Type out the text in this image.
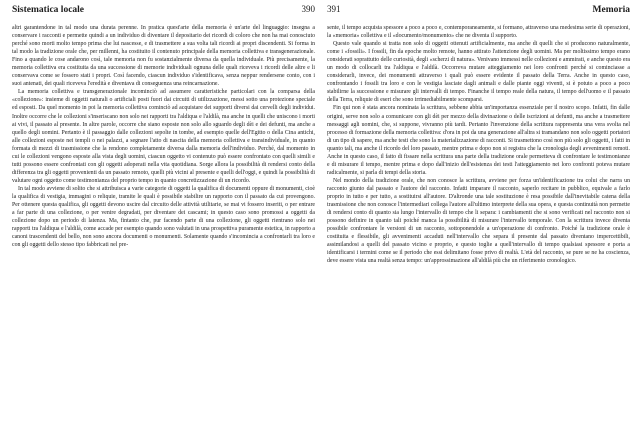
Sistematica locale	390

altri garantendone in tal modo una durata perenne. In pratica quest'arte della memoria è un'arte del linguaggio: insegna a conservare i racconti e permette quindi a un individuo di diventare il depositario dei ricordi di coloro che non ha mai conosciuto perché sono morti molto tempo prima che lui nascesse, e di trasmettere a sua volta tali ricordi ai propri discendenti. Si forma in tal modo la tradizione orale che, per millenni, ha costituito il contenuto principale della memoria collettiva e transgenerazionale. Fino a quando le cose andarono così, tale memoria non fu sostanzialmente diversa da quella individuale. Più precisamente, la memoria collettiva era costituita da una successione di memorie individuali ognuna delle quali riceveva i ricordi delle altre e li conservava come se fossero stati i propri. Così facendo, ciascun individuo s'identificava, senza neppur rendersene conto, con i suoi antenati, dei quali riceveva l'eredità e diventava di conseguenza una reincarnazione.

La memoria collettiva e transgenerazionale incominciò ad assumere caratteristiche particolari con la comparsa della «collezione»: insieme di oggetti naturali o artificiali posti fuori dai circuiti di utilizzazione, messi sotto una protezione speciale ed esposti. Da quel momento in poi la memoria collettiva cominciò ad acquistare dei supporti diversi dai cervelli degli individui. Inoltre occorre che le collezioni s'inseriscano non solo nei rapporti tra l'aldiqua e l'aldilà, ma anche in quelli che uniscono i morti ai vivi, il passato al presente. In altre parole, occorre che siano esposte non solo allo sguardo degli dèi e dei defunti, ma anche a quello degli uomini. Pertanto è il passaggio dalle collezioni sepolte in tombe, ad esempio quelle dell'Egitto o della Cina antichi, alle collezioni esposte nei templi o nei palazzi, a segnare l'atto di nascita della memoria collettiva e transindividuale, in quanto formata di mezzi di trasmissione che la rendono completamente diversa dalla memoria dell'individuo. Perché, dal momento in cui le collezioni vengono esposte alla vista degli uomini, ciascun oggetto vi contenuto può essere confrontato con quelli simili e tutti possono essere confrontati con gli oggetti adoperati nella vita quotidiana. Sorge allora la possibilità di rendersi conto della differenza tra gli oggetti provenienti da un passato remoto, quelli più vicini al presente e quelli dell'oggi, e quindi la possibilità di valutare ogni oggetto come testimonianza del proprio tempo in quanto concretizzazione di un ricordo.

In tal modo avviene di solito che si attribuisca a varie categorie di oggetti la qualifica di documenti oppure di monumenti, cioè la qualifica di vestigia, immagini o reliquie, tramite le quali è possibile stabilire un rapporto con il passato da cui provengono. Per ottenere questa qualifica, gli oggetti devono uscire dal circuito delle attività utilitarie, se mai vi fossero inseriti, o per entrare a far parte di una collezione, o per venire degradati, per diventare dei cascami; in questo caso sono promossi a oggetti da collezione dopo un periodo di latenza. Ma, fintanto che, pur facendo parte di una collezione, gli oggetti rientrano solo nei rapporti tra l'aldiqua e l'aldilà, come accade per esempio quando sono valutati in una prospettiva puramente estetica, in rapporto a canoni trascendenti del bello, non sono ancora documenti o monumenti. Solamente quando s'incomincia a confrontarli tra loro e con gli oggetti dello stesso tipo fabbricati nel pre-

391	Memoria

sente, il tempo acquista spessore a poco a poco e, contemporaneamente, si formano, attraverso una medesima serie di operazioni, la «memoria» collettiva e il «documento/monumento» che ne diventa il supporto.

Questo vale quando si tratta non solo di oggetti ottenuti artificialmente, ma anche di quelli che si producono naturalmente, come i «fossili». I fossili, fin da epoche molto remote, hanno attirato l'attenzione degli uomini. Ma per moltissimo tempo erano considerati soprattutto delle curiosità, degli «scherzi di natura». Venivano immessi nelle collezioni e ammirati, e anche questo era un modo di collocarli tra l'aldiqua e l'aldilà. Occorreva mutare atteggiamento nei loro confronti perché si cominciasse a considerarli, invece, dei monumenti attraverso i quali può essere evidente il passato della Terra. Anche in questo caso, confrontando i fossili tra loro e con le vestigia lasciate dagli animali e dalle piante oggi viventi, si è potuto a poco a poco stabilirne la successione e misurare gli intervalli di tempo. Finanche il tempo reale della natura, il tempo dell'uomo e il passato della Terra, reliquie di eseri che sono irrimediabilmente scomparsi.

Fin qui non è stata ancora nominata la scrittura, sebbene abbia un'importanza essenziale per il nostro scopo. Infatti, fin dalle origini, serve non solo a comunicare con gli dèi per mezzo della divinazione o delle iscrizioni ai defunti, ma anche a trasmettere messaggi agli uomini, che, si suppone, vivranno più tardi. Pertanto l'invenzione della scrittura rappresenta una vera svolta nel processo di formazione della memoria collettiva: d'ora in poi da una generazione all'altra si tramandano non solo oggetti portatori di un tipo di sapere, ma anche testi che sono la materializzazione di racconti. Si trasmettono così non più solo gli oggetti, i fatti in quanto tali, ma anche il ricordo del loro passato, mentre prima e dopo non si registra che la cronologia degli avvenimenti remoti. Anche in questo caso, il fatto di fissare nella scrittura una parte della tradizione orale permetteva di confrontare le testimonianze e di misurare il tempo, mentre prima e dopo dall'inizio dell'esistenza dei testi l'atteggiamento nei loro confronti poteva mutare radicalmente, si parla di tempi della storia.

Nel mondo della tradizione orale, che non conosce la scrittura, avviene per forza un'identificazione tra colui che narra un racconto giunto dal passato e l'autore del racconto. Infatti imparare il racconto, saperlo recitare in pubblico, equivale a farlo proprio in tutto e per tutto, a sostituirsi all'autore. D'altronde una tale sostituzione è resa possibile dall'inevitabile catena della trasmissione che non conosce l'intermediari collega l'autore all'ultimo interprete della sua opera, e questa continuità non permette di rendersi conto di quanto sia lungo l'intervallo di tempo che li separa: i cambiamenti che si sono verificati nel racconto non si possono definire in quanto tali poiché manca la possibilità di misurare l'intervallo temporale. Con la scrittura invece diventa possibile confrontare le versioni di un racconto, sottoponendole a un'operazione di confronto. Poiché la tradizione orale è costituita e flessibile, gli avvenimenti accaduti nell'intervallo che separa il presente dal passato diventano impercettibili, assimilandosi a quelli del passato vicino e proprio, e questo toglie a quell'intervallo di tempo qualsiasi spessore e porta a identificarsi i termini come se il periodo che essi delimitano fosse privo di realtà. L'età del racconto, se pure se ne ha coscienza, deve essere vista una realtà senza tempo: un'approssimazione all'aldilà più che un riferimento cronologico.
